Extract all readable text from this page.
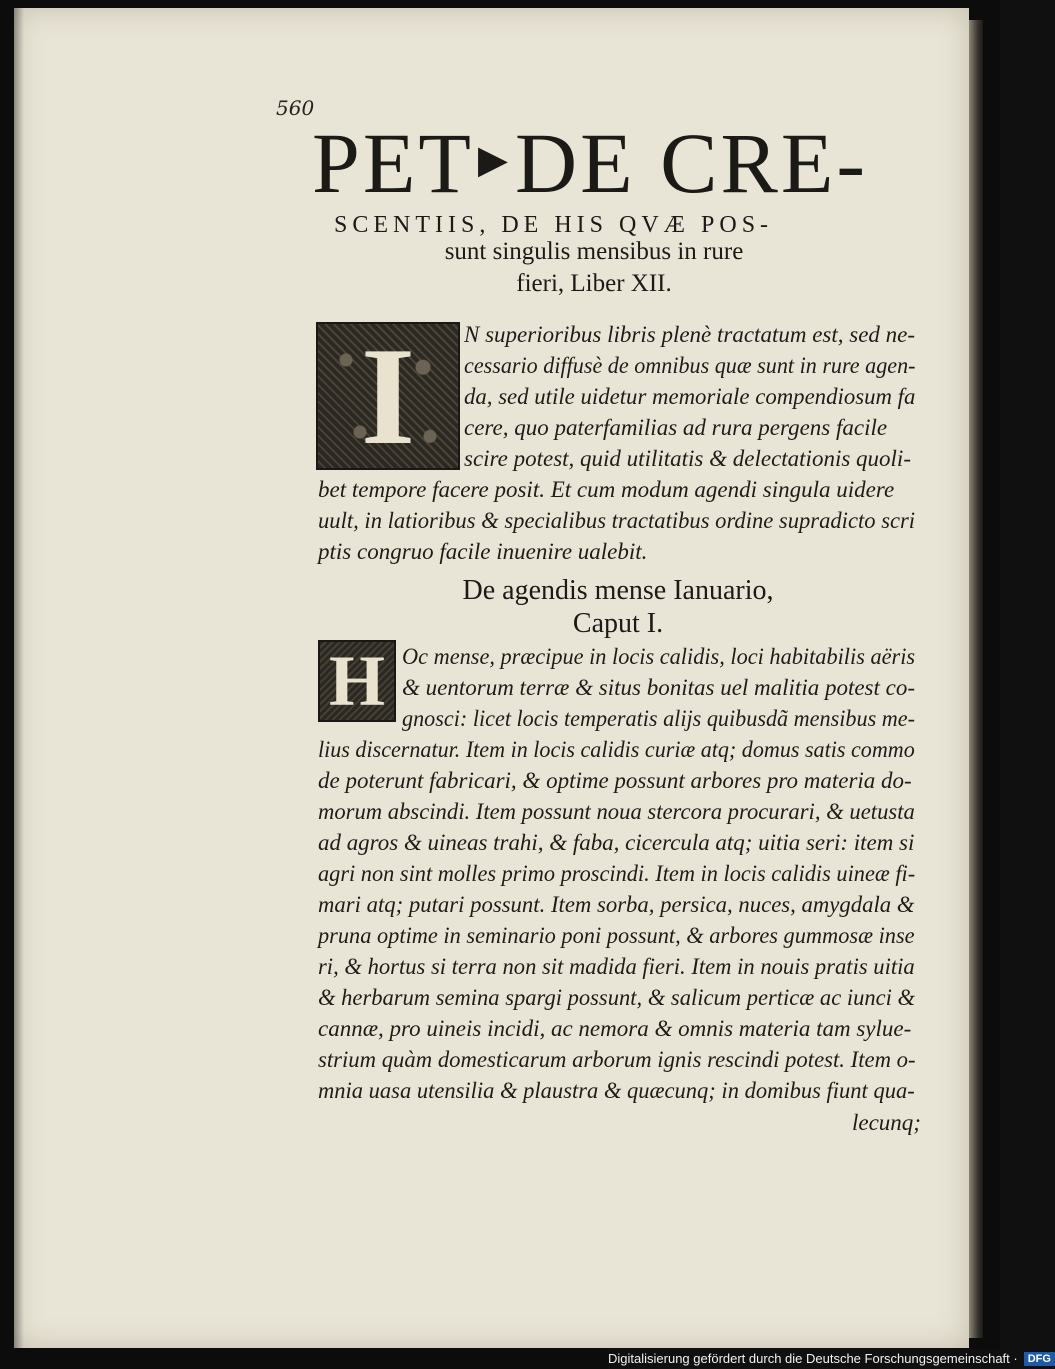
560
PET▸DE CRE-
SCENTIIS, DE HIS QVÆ POS-
sunt singulis mensibus in rure
fieri, Liber XII.
I	N superioribus libris plenè tractatum est, sed ne-
cessario diffusè de omnibus quæ sunt in rure agen-
da, sed utile uidetur memoriale compendiosum fa
cere, quo paterfamilias ad rura pergens facile
scire potest, quid utilitatis & delectationis quoli-
bet tempore facere posit. Et cum modum agendi singula uidere
uult, in latioribus & specialibus tractatibus ordine supradicto scri
ptis congruo facile inuenire ualebit.
De agendis mense Ianuario,
Caput I.
H Oc mense, præcipue in locis calidis, loci habitabilis aëris
& uentorum terræ & situs bonitas uel malitia potest co-
gnosci: licet locis temperatis alijs quibusdã mensibus me-
lius discernatur. Item in locis calidis curiæ atq; domus satis commo
de poterunt fabricari, & optime possunt arbores pro materia do-
morum abscindi. Item possunt noua stercora procurari, & uetusta
ad agros & uineas trahi, & faba, cicercula atq; uitia seri: item si
agri non sint molles primo proscindi. Item in locis calidis uineæ fi-
mari atq; putari possunt. Item sorba, persica, nuces, amygdala &
pruna optime in seminario poni possunt, & arbores gummosæ inse
ri, & hortus si terra non sit madida fieri. Item in nouis pratis uitia
& herbarum semina spargi possunt, & salicum perticæ ac iunci &
cannæ, pro uineis incidi, ac nemora & omnis materia tam sylue-
strium quàm domesticarum arborum ignis rescindi potest. Item o-
mnia uasa utensilia & plaustra & quæcunq; in domibus fiunt qua-
lecunq;
Digitalisierung gefördert durch die Deutsche Forschungsgemeinschaft · DFG
